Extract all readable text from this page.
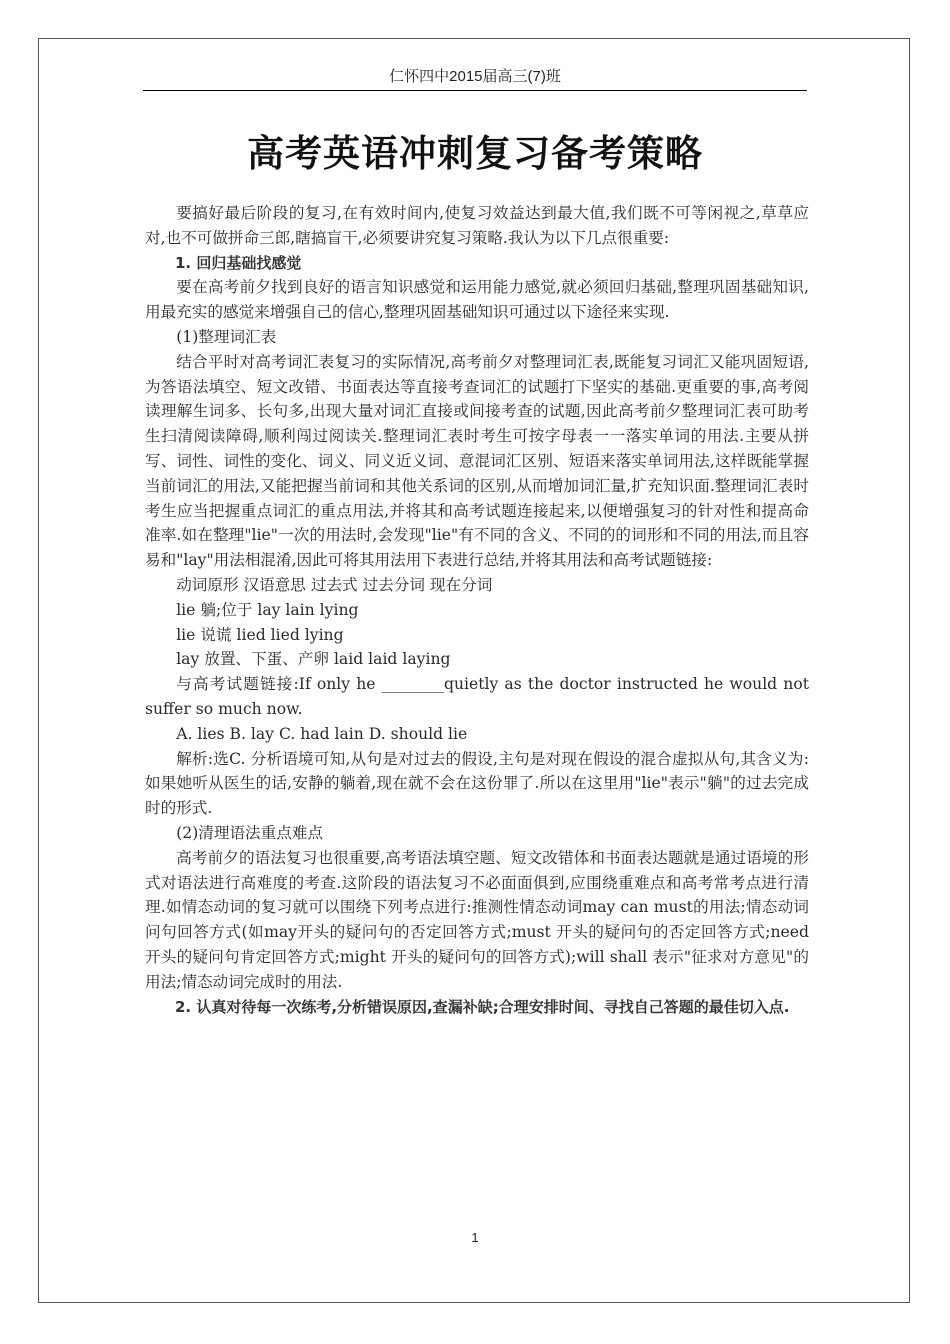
仁怀四中2015届高三(7)班
高考英语冲刺复习备考策略

要搞好最后阶段的复习,在有效时间内,使复习效益达到最大值,我们既不可等闲视之,草草应对,也不可做拼命三郎,瞎搞盲干,必须要讲究复习策略.我认为以下几点很重要:

1. 回归基础找感觉

要在高考前夕找到良好的语言知识感觉和运用能力感觉,就必须回归基础,整理巩固基础知识,用最充实的感觉来增强自己的信心,整理巩固基础知识可通过以下途径来实现.

(1)整理词汇表

结合平时对高考词汇表复习的实际情况,高考前夕对整理词汇表,既能复习词汇又能巩固短语,为答语法填空、短文改错、书面表达等直接考查词汇的试题打下坚实的基础.更重要的事,高考阅读理解生词多、长句多,出现大量对词汇直接或间接考查的试题,因此高考前夕整理词汇表可助考生扫清阅读障碍,顺利闯过阅读关.整理词汇表时考生可按字母表一一落实单词的用法.主要从拼写、词性、词性的变化、词义、同义近义词、意混词汇区别、短语来落实单词用法,这样既能掌握当前词汇的用法,又能把握当前词和其他关系词的区别,从而增加词汇量,扩充知识面.整理词汇表时考生应当把握重点词汇的重点用法,并将其和高考试题连接起来,以便增强复习的针对性和提高命准率.如在整理"lie"一次的用法时,会发现"lie"有不同的含义、不同的的词形和不同的用法,而且容易和"lay"用法相混淆,因此可将其用法用下表进行总结,并将其用法和高考试题链接:

动词原形 汉语意思 过去式 过去分词 现在分词

lie 躺;位于 lay lain lying

lie 说谎 lied lied lying

lay 放置、下蛋、产卵 laid laid laying

与高考试题链接:If only he ________quietly as the doctor instructed he would not suffer so much now.

A. lies B. lay C. had lain D. should lie

解析:选C. 分析语境可知,从句是对过去的假设,主句是对现在假设的混合虚拟从句,其含义为:如果她听从医生的话,安静的躺着,现在就不会在这份罪了.所以在这里用"lie"表示"躺"的过去完成时的形式.

(2)清理语法重点难点

高考前夕的语法复习也很重要,高考语法填空题、短文改错体和书面表达题就是通过语境的形式对语法进行高难度的考查.这阶段的语法复习不必面面俱到,应围绕重难点和高考常考点进行清理.如情态动词的复习就可以围绕下列考点进行:推测性情态动词may can must的用法;情态动词问句回答方式(如may开头的疑问句的否定回答方式;must 开头的疑问句的否定回答方式;need 开头的疑问句肯定回答方式;might 开头的疑问句的回答方式);will shall 表示"征求对方意见"的用法;情态动词完成时的用法.

2. 认真对待每一次练考,分析错误原因,查漏补缺;合理安排时间、寻找自己答题的最佳切入点.

1
